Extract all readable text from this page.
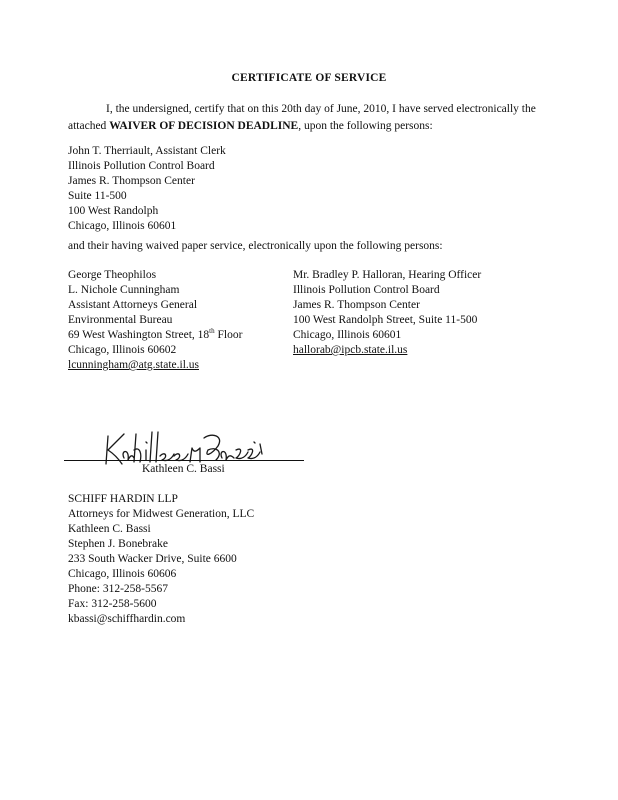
CERTIFICATE OF SERVICE
I, the undersigned, certify that on this 20th day of June, 2010, I have served electronically the attached WAIVER OF DECISION DEADLINE, upon the following persons:
John T. Therriault, Assistant Clerk
Illinois Pollution Control Board
James R. Thompson Center
Suite 11-500
100 West Randolph
Chicago, Illinois 60601
and their having waived paper service, electronically upon the following persons:
George Theophilos
L. Nichole Cunningham
Assistant Attorneys General
Environmental Bureau
69 West Washington Street, 18th Floor
Chicago, Illinois 60602
lcunningham@atg.state.il.us
Mr. Bradley P. Halloran, Hearing Officer
Illinois Pollution Control Board
James R. Thompson Center
100 West Randolph Street, Suite 11-500
Chicago, Illinois 60601
hallorab@ipcb.state.il.us
Kathleen C. Bassi
SCHIFF HARDIN LLP
Attorneys for Midwest Generation, LLC
Kathleen C. Bassi
Stephen J. Bonebrake
233 South Wacker Drive, Suite 6600
Chicago, Illinois 60606
Phone: 312-258-5567
Fax: 312-258-5600
kbassi@schiffhardin.com
